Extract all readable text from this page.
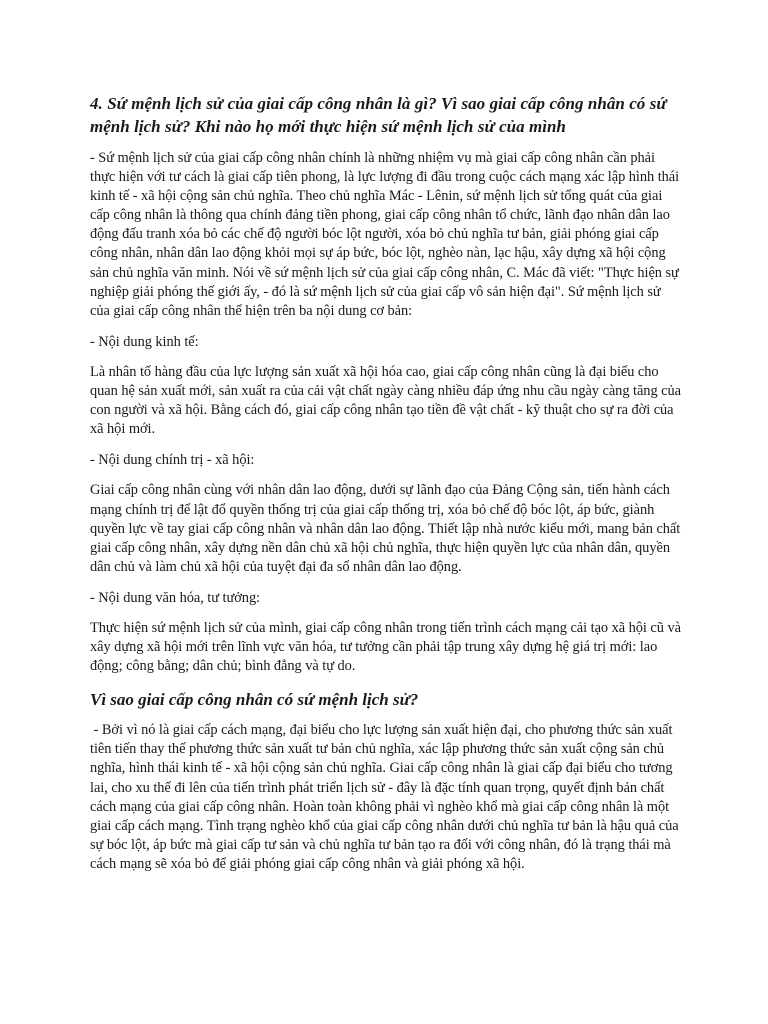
4. Sứ mệnh lịch sử của giai cấp công nhân là gì? Vì sao giai cấp công nhân có sứ mệnh lịch sử? Khi nào họ mới thực hiện sứ mệnh lịch sử của mình

- Sứ mệnh lịch sử của giai cấp công nhân chính là những nhiệm vụ mà giai cấp công nhân cần phải thực hiện với tư cách là giai cấp tiên phong, là lực lượng đi đầu trong cuộc cách mạng xác lập hình thái kinh tế - xã hội cộng sản chủ nghĩa. Theo chủ nghĩa Mác - Lênin, sứ mệnh lịch sử tổng quát của giai cấp công nhân là thông qua chính đảng tiền phong, giai cấp công nhân tổ chức, lãnh đạo nhân dân lao động đấu tranh xóa bỏ các chế độ người bóc lột người, xóa bỏ chủ nghĩa tư bản, giải phóng giai cấp công nhân, nhân dân lao động khỏi mọi sự áp bức, bóc lột, nghèo nàn, lạc hậu, xây dựng xã hội cộng sản chủ nghĩa văn minh. Nói về sứ mệnh lịch sử của giai cấp công nhân, C. Mác đã viết: "Thực hiện sự nghiệp giải phóng thế giới ấy, - đó là sứ mệnh lịch sử của giai cấp vô sản hiện đại". Sứ mệnh lịch sử của giai cấp công nhân thể hiện trên ba nội dung cơ bản:

- Nội dung kinh tế:

Là nhân tố hàng đầu của lực lượng sản xuất xã hội hóa cao, giai cấp công nhân cũng là đại biểu cho quan hệ sản xuất mới, sản xuất ra của cải vật chất ngày càng nhiều đáp ứng nhu cầu ngày càng tăng của con người và xã hội. Bằng cách đó, giai cấp công nhân tạo tiền đề vật chất - kỹ thuật cho sự ra đời của xã hội mới.

- Nội dung chính trị - xã hội:

Giai cấp công nhân cùng với nhân dân lao động, dưới sự lãnh đạo của Đảng Cộng sản, tiến hành cách mạng chính trị để lật đổ quyền thống trị của giai cấp thống trị, xóa bỏ chế độ bóc lột, áp bức, giành quyền lực về tay giai cấp công nhân và nhân dân lao động. Thiết lập nhà nước kiểu mới, mang bản chất giai cấp công nhân, xây dựng nền dân chủ xã hội chủ nghĩa, thực hiện quyền lực của nhân dân, quyền dân chủ và làm chủ xã hội của tuyệt đại đa số nhân dân lao động.

- Nội dung văn hóa, tư tưởng:

Thực hiện sứ mệnh lịch sử của mình, giai cấp công nhân trong tiến trình cách mạng cải tạo xã hội cũ và xây dựng xã hội mới trên lĩnh vực văn hóa, tư tưởng cần phải tập trung xây dựng hệ giá trị mới: lao động; công bằng; dân chủ; bình đẳng và tự do.

Vì sao giai cấp công nhân có sứ mệnh lịch sử?

- Bởi vì nó là giai cấp cách mạng, đại biểu cho lực lượng sản xuất hiện đại, cho phương thức sản xuất tiên tiến thay thế phương thức sản xuất tư bản chủ nghĩa, xác lập phương thức sản xuất cộng sản chủ nghĩa, hình thái kinh tế - xã hội cộng sản chủ nghĩa. Giai cấp công nhân là giai cấp đại biểu cho tương lai, cho xu thế đi lên của tiến trình phát triển lịch sử - đây là đặc tính quan trọng, quyết định bản chất cách mạng của giai cấp công nhân. Hoàn toàn không phải vì nghèo khổ mà giai cấp công nhân là một giai cấp cách mạng. Tình trạng nghèo khổ của giai cấp công nhân dưới chủ nghĩa tư bản là hậu quả của sự bóc lột, áp bức mà giai cấp tư sản và chủ nghĩa tư bản tạo ra đối với công nhân, đó là trạng thái mà cách mạng sẽ xóa bỏ để giải phóng giai cấp công nhân và giải phóng xã hội.
